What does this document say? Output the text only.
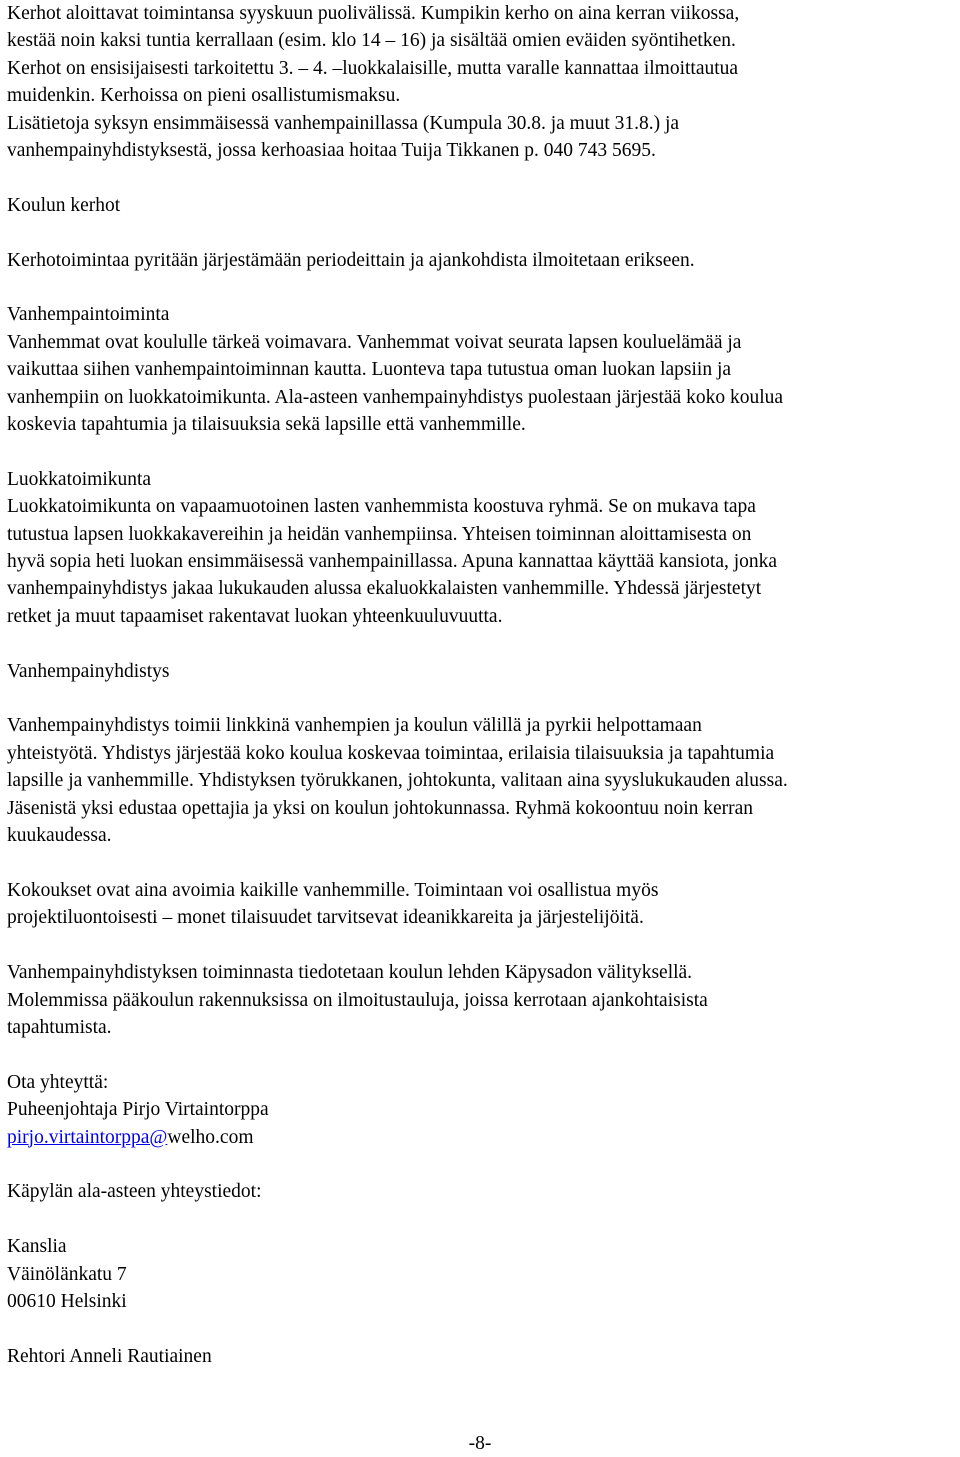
Kerhot aloittavat toimintansa syyskuun puolivälissä. Kumpikin kerho on aina kerran viikossa,
kestää noin kaksi tuntia kerrallaan (esim. klo 14 – 16) ja sisältää omien eväiden syöntihetken.
Kerhot on ensisijaisesti tarkoitettu 3. – 4. –luokkalaisille, mutta varalle kannattaa ilmoittautua
muidenkin. Kerhoissa on pieni osallistumismaksu.
Lisätietoja syksyn ensimmäisessä vanhempainillassa (Kumpula 30.8. ja muut 31.8.) ja
vanhempainyhdistyksestä, jossa kerhoasiaa hoitaa Tuija Tikkanen p. 040 743 5695.
Koulun kerhot
Kerhotoimintaa pyritään järjestämään periodeittain ja ajankohdista ilmoitetaan erikseen.
Vanhempaintoiminta
Vanhemmat ovat koululle tärkeä voimavara. Vanhemmat voivat seurata lapsen kouluelämää ja
vaikuttaa siihen vanhempaintoiminnan kautta. Luonteva tapa tutustua oman luokan lapsiin ja
vanhempiin on luokkatoimikunta. Ala-asteen vanhempainyhdistys puolestaan järjestää koko koulua
koskevia tapahtumia ja tilaisuuksia sekä lapsille että vanhemmille.
Luokkatoimikunta
Luokkatoimikunta on vapaamuotoinen lasten vanhemmista koostuva ryhmä. Se on mukava tapa
tutustua lapsen luokkakavereihin ja heidän vanhempiinsa. Yhteisen toiminnan aloittamisesta on
hyvä sopia heti luokan ensimmäisessä vanhempainillassa. Apuna kannattaa käyttää kansiota, jonka
vanhempainyhdistys jakaa lukukauden alussa ekaluokkalaisten vanhemmille. Yhdessä järjestetyt
retket ja muut tapaamiset rakentavat luokan yhteenkuuluvuutta.
Vanhempainyhdistys
Vanhempainyhdistys toimii linkkinä vanhempien ja koulun välillä ja pyrkii helpottamaan
yhteistyötä. Yhdistys järjestää koko koulua koskevaa toimintaa, erilaisia tilaisuuksia ja tapahtumia
lapsille ja vanhemmille. Yhdistyksen työrukkanen, johtokunta, valitaan aina syyslukukauden alussa.
Jäsenistä yksi edustaa opettajia ja yksi on koulun johtokunnassa. Ryhmä kokoontuu noin kerran
kuukaudessa.
Kokoukset ovat aina avoimia kaikille vanhemmille. Toimintaan voi osallistua myös
projektiluontoisesti – monet tilaisuudet tarvitsevat ideanikkareita ja järjestelijöitä.
Vanhempainyhdistyksen toiminnasta tiedotetaan koulun lehden Käpysadon välityksellä.
Molemmissa pääkoulun rakennuksissa on ilmoitustauluja, joissa kerrotaan ajankohtaisista
tapahtumista.
Ota yhteyttä:
Puheenjohtaja Pirjo Virtaintorppa
pirjo.virtaintorppa@welho.com
Käpylän ala-asteen yhteystiedot:
Kanslia
Väinölänkatu 7
00610 Helsinki
Rehtori Anneli Rautiainen
-8-
